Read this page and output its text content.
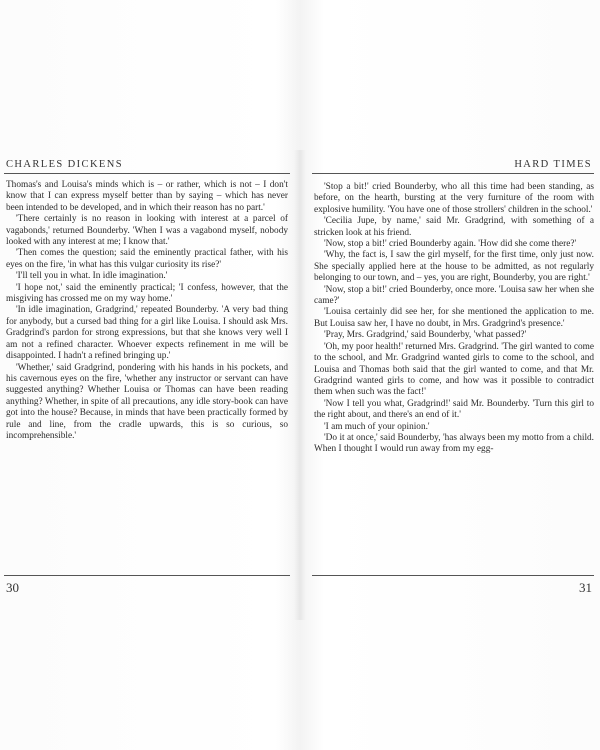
CHARLES DICKENS

Thomas's and Louisa's minds which is – or rather, which is not – I don't know that I can express myself better than by saying – which has never been intended to be developed, and in which their reason has no part.'

'There certainly is no reason in looking with interest at a parcel of vagabonds,' returned Bounderby. 'When I was a vagabond myself, nobody looked with any interest at me; I know that.'

'Then comes the question; said the eminently practical father, with his eyes on the fire, 'in what has this vulgar curiosity its rise?'

'I'll tell you in what. In idle imagination.'

'I hope not,' said the eminently practical; 'I confess, however, that the misgiving has crossed me on my way home.'

'In idle imagination, Gradgrind,' repeated Bounderby. 'A very bad thing for anybody, but a cursed bad thing for a girl like Louisa. I should ask Mrs. Gradgrind's pardon for strong expressions, but that she knows very well I am not a refined character. Whoever expects refinement in me will be disappointed. I hadn't a refined bringing up.'

'Whether,' said Gradgrind, pondering with his hands in his pockets, and his cavernous eyes on the fire, 'whether any instructor or servant can have suggested anything? Whether Louisa or Thomas can have been reading anything? Whether, in spite of all precautions, any idle story-book can have got into the house? Because, in minds that have been practically formed by rule and line, from the cradle upwards, this is so curious, so incomprehensible.'

30
HARD TIMES

'Stop a bit!' cried Bounderby, who all this time had been standing, as before, on the hearth, bursting at the very furniture of the room with explosive humility. 'You have one of those strollers' children in the school.'

'Cecilia Jupe, by name,' said Mr. Gradgrind, with something of a stricken look at his friend.

'Now, stop a bit!' cried Bounderby again. 'How did she come there?'

'Why, the fact is, I saw the girl myself, for the first time, only just now. She specially applied here at the house to be admitted, as not regularly belonging to our town, and – yes, you are right, Bounderby, you are right.'

'Now, stop a bit!' cried Bounderby, once more. 'Louisa saw her when she came?'

'Louisa certainly did see her, for she mentioned the application to me. But Louisa saw her, I have no doubt, in Mrs. Gradgrind's presence.'

'Pray, Mrs. Gradgrind,' said Bounderby, 'what passed?'

'Oh, my poor health!' returned Mrs. Gradgrind. 'The girl wanted to come to the school, and Mr. Gradgrind wanted girls to come to the school, and Louisa and Thomas both said that the girl wanted to come, and that Mr. Gradgrind wanted girls to come, and how was it possible to contradict them when such was the fact!'

'Now I tell you what, Gradgrind!' said Mr. Bounderby. 'Turn this girl to the right about, and there's an end of it.'

'I am much of your opinion.'

'Do it at once,' said Bounderby, 'has always been my motto from a child. When I thought I would run away from my egg-

31
